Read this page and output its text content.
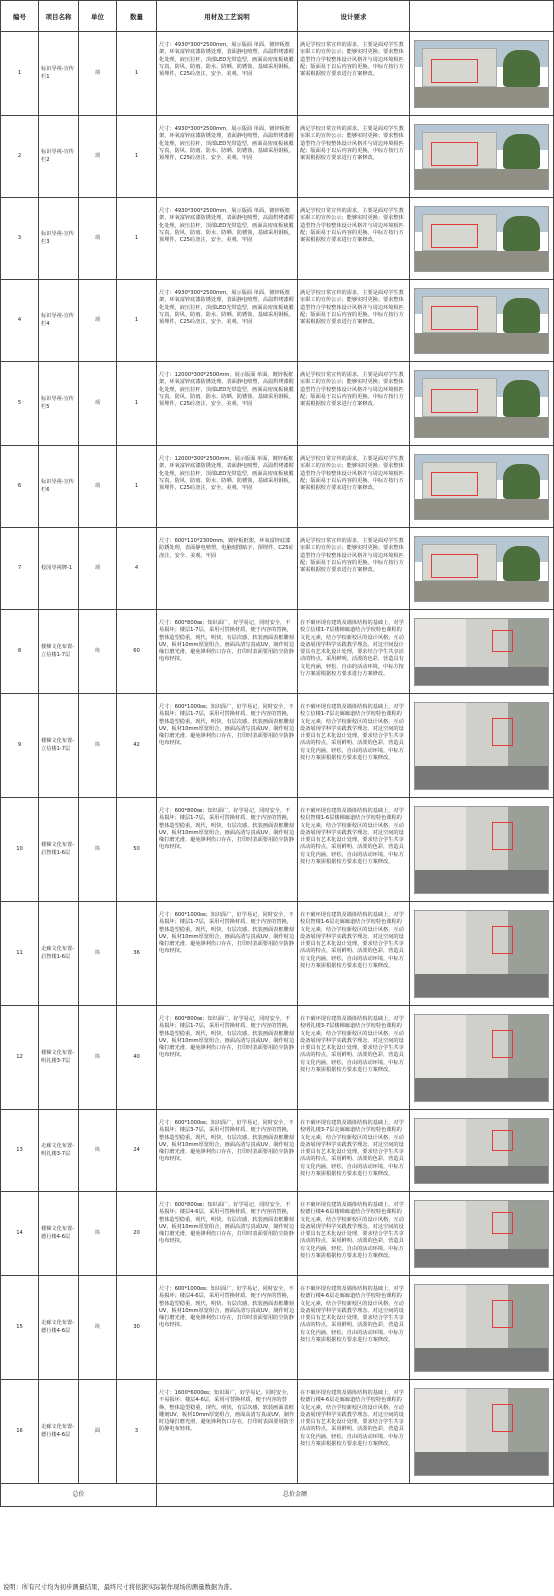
编号	项目名称	单位	数量	用材及工艺说明	设计要求	
1	标识导视-宣传栏1	项	1	尺寸：4930*300*2500mm，展示版面 单面，镀锌板框架，环氧富锌底漆防锈处理，表面静电喷塑，高温烘烤漆附化处理，液压拉杆，顶部LED光带造型，画面高密度板裱膜写真，防风、防雨、防水、防晒、防锈蚀，基础采用钢板，预埋件，C25砼浇注，安全、美观、牢固	满足学校日常宣传的需求，主要是面对学生教室职工的宣传公示；能够实时更换；要求整体造型符合学校整体设计风格并与周边环境相匹配；版面易于以后内容的更换。中标方按行方案需根据校方要求进行方案修改。	

2	标识导视-宣传栏2	项	1	尺寸：4930*300*2500mm，展示版面 单面，镀锌板框架，环氧富锌底漆防锈处理，表面静电喷塑，高温烘烤漆附化处理，液压拉杆，顶部LED光带造型，画面高密度板裱膜写真，防风、防雨、防水、防晒、防锈蚀，基础采用钢板，预埋件，C25砼浇注，安全、美观、牢固	满足学校日常宣传的需求，主要是面对学生教室职工的宣传公示；能够实时更换；要求整体造型符合学校整体设计风格并与周边环境相匹配；版面易于以后内容的更换。中标方按行方案需根据校方要求进行方案修改。	

3	标识导视-宣传栏3	项	1	尺寸：4930*300*2500mm，展示版面 单面，镀锌板框架，环氧富锌底漆防锈处理，表面静电喷塑，高温烘烤漆附化处理，液压拉杆，顶部LED光带造型，画面高密度板裱膜写真，防风、防雨、防水、防晒、防锈蚀，基础采用钢板，预埋件，C25砼浇注，安全、美观、牢固	满足学校日常宣传的需求，主要是面对学生教室职工的宣传公示；能够实时更换；要求整体造型符合学校整体设计风格并与周边环境相匹配；版面易于以后内容的更换。中标方按行方案需根据校方要求进行方案修改。	

4	标识导视-宣传栏4	项	1	尺寸：4930*300*2500mm，展示版面 单面，镀锌板框架，环氧富锌底漆防锈处理，表面静电喷塑，高温烘烤漆附化处理，液压拉杆，顶部LED光带造型，画面高密度板裱膜写真，防风、防雨、防水、防晒、防锈蚀，基础采用钢板，预埋件，C25砼浇注，安全、美观、牢固	满足学校日常宣传的需求，主要是面对学生教室职工的宣传公示；能够实时更换；要求整体造型符合学校整体设计风格并与周边环境相匹配；版面易于以后内容的更换。中标方按行方案需根据校方要求进行方案修改。	

5	标识导视-宣传栏5	项	1	尺寸：12000*300*2500mm，展示版面 单面，镀锌板框架，环氧富锌底漆防锈处理，表面静电喷塑，高温烘烤漆附化处理，液压拉杆，顶部LED光带造型，画面高密度板裱膜写真，防风、防雨、防水、防晒、防锈蚀，基础采用钢板，预埋件，C25砼浇注，安全、美观、牢固	满足学校日常宣传的需求，主要是面对学生教室职工的宣传公示；能够实时更换；要求整体造型符合学校整体设计风格并与周边环境相匹配；版面易于以后内容的更换。中标方按行方案需根据校方要求进行方案修改。	

6	标识导视-宣传栏6	项	1	尺寸：12000*300*2500mm，展示版面 单面，镀锌板框架，环氧富锌底漆防锈处理，表面静电喷塑，高温烘烤漆附化处理，液压拉杆，顶部LED光带造型，画面高密度板裱膜写真，防风、防雨、防水、防晒、防锈蚀，基础采用钢板，预埋件，C25砼浇注，安全、美观、牢固	满足学校日常宣传的需求，主要是面对学生教室职工的宣传公示；能够实时更换；要求整体造型符合学校整体设计风格并与周边环境相匹配；版面易于以后内容的更换。中标方按行方案需根据校方要求进行方案修改。	

7	校园导视牌-1	项	4	尺寸：600*110*2300mm，镀锌板框架，环氧富锌底漆防锈处理，表面静电喷塑，电脑刻图贴字，预埋件，C25砼浇注，安全、美观、牢固	满足学校日常宣传的需求，主要是面对学生教室职工的宣传公示；能够实时更换；要求整体造型符合学校整体设计风格并与周边环境相匹配；版面易于以后内容的更换。中标方按行方案需根据校方要求进行方案修改。	

8	楼梯文化布置-立信楼1-7层	块	60	尺寸：600*800㎜；知识面广，好学易记，同时安全，不易损坏；楼层1-7层，采用可替换材质，便于内容的替换，整体造型稳重，现代，明快，有层次感，软装画面表框雕刻UV，板材10mm厚宽组合，画面高清写真或UV，制作时边缘打磨光滑，避免锋利伤口存在，打印时表面要用防尘防静电布轻抹。	在不破坏现有建筑及墙体结构的基础上，对学校立信楼1-7层楼梯廊道结合学校特色课程的文化元素，结合学校新校区的设计风格，互动设备展现学科学实践教学理念。对这空间设计要具有艺术化设计处理，要求结合学生共享活动的特点，采用鲜明、活泼的色彩，营造具有文化内涵，轻松、自由的活动环境。中标方按行方案需根据校方要求进行方案修改。	

9	楼梯文化布置-立信楼1-7层	块	42	尺寸：600*1000㎜；知识面广，好学易记，同时安全，不易损坏；楼层1-7层，采用可替换材质，便于内容的替换，整体造型稳重，现代，明快，有层次感，软装画面表框雕刻UV，板材10mm厚宽组合，画面高清写真或UV，制作时边缘打磨光滑，避免锋利伤口存在，打印时表面要用防尘防静电布轻抹。	在不破坏现有建筑及墙体结构的基础上，对学校立信楼1-7层走廊廊道结合学校特色课程的文化元素，结合学校新校区的设计风格，互动设备展现学科学实践教学理念。对这空间的设计要具有艺术化设计处理，要求结合学生共享活动的特点，采用鲜明、活泼的色彩，营造具有文化内涵，轻松、自由的活动环境。中标方按行方案需根据校方要求进行方案修改。	

10	楼梯文化布置-启智楼1-6层	块	50	尺寸：600*800㎜；知识面广，好学易记，同时安全，不易损坏；楼层1-7层，采用可替换材质，便于内容的替换，整体造型稳重，现代，明快，有层次感，软装画面表框雕刻UV，板材10mm厚宽组合，画面高清写真或UV，制作时边缘打磨光滑，避免锋利伤口存在，打印时表面要用防尘防静电布轻抹。	在不破坏现有建筑及墙体结构的基础上，对学校启智楼1-6层楼梯廊道结合学校特色课程的文化元素，结合学校新校区的设计风格，互动设备展现学科学实践教学理念。对这空间的设计要具有艺术化设计处理，要求结合学生共享活动的特点，采用鲜明、活泼的色彩，营造具有文化内涵，轻松、自由的活动环境。中标方按行方案需根据校方要求进行方案修改。	

11	走廊文化布置-启智楼1-6层	块	36	尺寸：600*1000㎜；知识面广，好学易记，同时安全，不易损坏；楼层1-7层，采用可替换材质，便于内容的替换，整体造型稳重，现代，明快，有层次感，软装画面表框雕刻UV，板材10mm厚宽组合，画面高清写真或UV，制作时边缘打磨光滑，避免锋利伤口存在，打印时表面要用防尘防静电布轻抹。	在不破坏现有建筑及墙体结构的基础上，对学校启智楼1-6层走廊廊道结合学校特色课程的文化元素，结合学校新校区的设计风格，互动设备展现学科学实践教学理念。对这空间的设计要具有艺术化设计处理，要求结合学生共享活动的特点，采用鲜明、活泼的色彩，营造具有文化内涵，轻松、自由的活动环境。中标方按行方案需根据校方要求进行方案修改。	

12	楼梯文化布置-明礼楼3-7层	块	40	尺寸：600*800㎜；知识面广，好学易记，同时安全，不易损坏；楼层1-7层，采用可替换材质，便于内容的替换，整体造型稳重，现代，明快，有层次感，软装画面表框雕刻UV，板材10mm厚宽组合，画面高清写真或UV，制作时边缘打磨光滑，避免锋利伤口存在，打印时表面要用防尘防静电布轻抹。	在不破坏现有建筑及墙体结构的基础上，对学校明礼楼3-7层楼梯廊道结合学校特色课程的文化元素，结合学校新校区的设计风格，互动设备展现学科学实践教学理念。对这空间的设计要具有艺术化设计处理，要求结合学生共享活动的特点，采用鲜明、活泼的色彩，营造具有文化内涵，轻松、自由的活动环境。中标方按行方案需根据校方要求进行方案修改。	

13	走廊文化布置-明礼楼3-7层	块	24	尺寸：600*1000㎜；知识面广，好学易记，同时安全，不易损坏；楼层3-7层，采用可替换材质，便于内容的替换，整体造型稳重，现代，明快，有层次感，软装画面表框雕刻UV，板材10mm厚宽组合，画面高清写真或UV，制作时边缘打磨光滑，避免锋利伤口存在，打印时表面要用防尘防静电布轻抹。	在不破坏现有建筑及墙体结构的基础上，对学校明礼楼3-7层走廊廊道结合学校特色课程的文化元素，结合学校新校区的设计风格，互动设备展现学科学实践教学理念。对这空间的设计要具有艺术化设计处理，要求结合学生共享活动的特点，采用鲜明、活泼的色彩，营造具有文化内涵，轻松、自由的活动环境。中标方按行方案需根据校方要求进行方案修改。	

14	楼梯文化布置-德行楼4-6层	块	20	尺寸：600*800㎜；知识面广，好学易记，同时安全，不易损坏；楼层4-6层，采用可替换材质，便于内容的替换，整体造型稳重，现代，明快，有层次感，软装画面表框雕刻UV，板材10mm厚宽组合，画面高清写真或UV，制作时边缘打磨光滑，避免锋利伤口存在，打印时表面要用防尘防静电布轻抹。	在不破坏现有建筑及墙体结构的基础上，对学校德行楼4-6层楼梯廊道结合学校特色课程的文化元素，结合学校新校区的设计风格，互动设备展现学科学实践教学理念。对这空间的设计要具有艺术化设计处理，要求结合学生共享活动的特点，采用鲜明、活泼的色彩，营造具有文化内涵，轻松、自由的活动环境。中标方按行方案需根据校方要求进行方案修改。	

15	走廊文化布置-德行楼4-6层	块	30	尺寸：600*1000㎜；知识面广，好学易记，同时安全，不易损坏；楼层4-6层，采用可替换材质，便于内容的替换，整体造型稳重，现代，明快，有层次感，软装画面表框雕刻UV，板材10mm厚宽组合，画面高清写真或UV，制作时边缘打磨光滑，避免锋利伤口存在，打印时表面要用防尘防静电布轻抹。	在不破坏现有建筑及墙体结构的基础上，对学校德行楼4-6层走廊廊道结合学校特色课程的文化元素，结合学校新校区的设计风格，互动设备展现学科学实践教学理念。对这空间的设计要具有艺术化设计处理，要求结合学生共享活动的特点，采用鲜明、活泼的色彩，营造具有文化内涵，轻松、自由的活动环境。中标方按行方案需根据校方要求进行方案修改。	

16	走廊文化布置-德行楼4-6层	面	3	尺寸：1600*6000㎜；知识面广，好学易记，同时安全，不易损坏；楼层4-6层，采用可替换材质，便于内容的替换，整体造型稳重，现代，明快，有层次感，软装画面表框雕刻UV，板材10mm厚宽组合，画面高清写真或UV，制作时边缘打磨光滑，避免锋利伤口存在，打印时表面要用防尘防静电布轻抹。	在不破坏现有建筑及墙体结构的基础上，对学校德行楼4-6层走廊廊道结合学校特色课程的文化元素，结合学校新校区的设计风格，互动设备展现学科学实践教学理念。对这空间的设计要具有艺术化设计处理，要求结合学生共享活动的特点，采用鲜明、活泼的色彩，营造具有文化内涵，轻松、自由的活动环境。中标方按行方案需根据校方要求进行方案修改。	

总价				总价金额		
说明：所有尺寸均为初步测量结果，最终尺寸将依据实际制作现场的测量数据为准。
